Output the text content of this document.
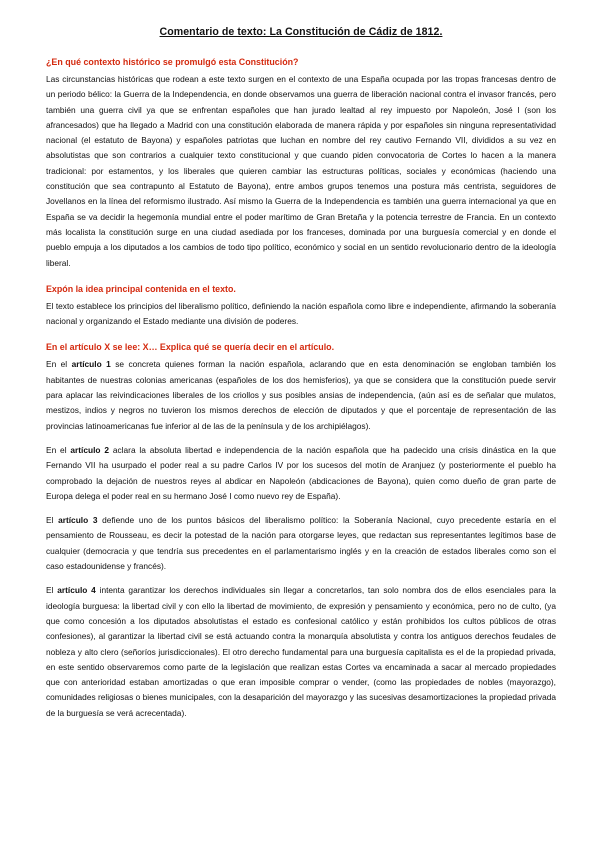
Comentario de texto: La Constitución de Cádiz de 1812.
¿En qué contexto histórico se promulgó esta Constitución?

Las circunstancias históricas que rodean a este texto surgen en el contexto de una España ocupada por las tropas francesas dentro de un periodo bélico: la Guerra de la Independencia, en donde observamos una guerra de liberación nacional contra el invasor francés, pero también una guerra civil ya que se enfrentan españoles que han jurado lealtad al rey impuesto por Napoleón, José I (son los afrancesados) que ha llegado a Madrid con una constitución elaborada de manera rápida y por españoles sin ninguna representatividad nacional (el estatuto de Bayona) y españoles patriotas que luchan en nombre del rey cautivo Fernando VII, divididos a su vez en absolutistas que son contrarios a cualquier texto constitucional y que cuando piden convocatoria de Cortes lo hacen a la manera tradicional: por estamentos, y los liberales que quieren cambiar las estructuras políticas, sociales y económicas (haciendo una constitución que sea contrapunto al Estatuto de Bayona), entre ambos grupos tenemos una postura más centrista, seguidores de Jovellanos en la línea del reformismo ilustrado. Así mismo la Guerra de la Independencia es también una guerra internacional ya que en España se va decidir la hegemonía mundial entre el poder marítimo de Gran Bretaña y la potencia terrestre de Francia. En un contexto más localista la constitución surge en una ciudad asediada por los franceses, dominada por una burguesía comercial y en donde el pueblo empuja a los diputados a los cambios de todo tipo político, económico y social en un sentido revolucionario dentro de la ideología liberal.

Expón la idea principal contenida en el texto.

El texto establece los principios del liberalismo político, definiendo la nación española como libre e independiente, afirmando la soberanía nacional y organizando el Estado mediante una división de poderes.

En el artículo X se lee: X… Explica qué se quería decir en el artículo.

En el artículo 1 se concreta quienes forman la nación española, aclarando que en esta denominación se engloban también los habitantes de nuestras colonias americanas (españoles de los dos hemisferios), ya que se considera que la constitución puede servir para aplacar las reivindicaciones liberales de los criollos y sus posibles ansias de independencia, (aún así es de señalar que mulatos, mestizos, indios y negros no tuvieron los mismos derechos de elección de diputados y que el porcentaje de representación de las provincias latinoamericanas fue inferior al de las de la península y de los archipiélagos).

En el artículo 2 aclara la absoluta libertad e independencia de la nación española que ha padecido una crisis dinástica en la que Fernando VII ha usurpado el poder real a su padre Carlos IV por los sucesos del motín de Aranjuez (y posteriormente el pueblo ha comprobado la dejación de nuestros reyes al abdicar en Napoleón (abdicaciones de Bayona), quien como dueño de gran parte de Europa delega el poder real en su hermano José I como nuevo rey de España).

El artículo 3 defiende uno de los puntos básicos del liberalismo político: la Soberanía Nacional, cuyo precedente estaría en el pensamiento de Rousseau, es decir la potestad de la nación para otorgarse leyes, que redactan sus representantes legítimos base de cualquier (democracia y que tendría sus precedentes en el parlamentarismo inglés y en la creación de estados liberales como son el caso estadounidense y francés).

El artículo 4 intenta garantizar los derechos individuales sin llegar a concretarlos, tan solo nombra dos de ellos esenciales para la ideología burguesa: la libertad civil y con ello la libertad de movimiento, de expresión y pensamiento y económica, pero no de culto, (ya que como concesión a los diputados absolutistas el estado es confesional católico y están prohibidos los cultos públicos de otras confesiones), al garantizar la libertad civil se está actuando contra la monarquía absolutista y contra los antiguos derechos feudales de nobleza y alto clero (señoríos jurisdiccionales). El otro derecho fundamental para una burguesía capitalista es el de la propiedad privada, en este sentido observaremos como parte de la legislación que realizan estas Cortes va encaminada a sacar al mercado propiedades que con anterioridad estaban amortizadas o que eran imposible comprar o vender, (como las propiedades de nobles (mayorazgo), comunidades religiosas o bienes municipales, con la desaparición del mayorazgo y las sucesivas desamortizaciones la propiedad privada de la burguesía se verá acrecentada).
